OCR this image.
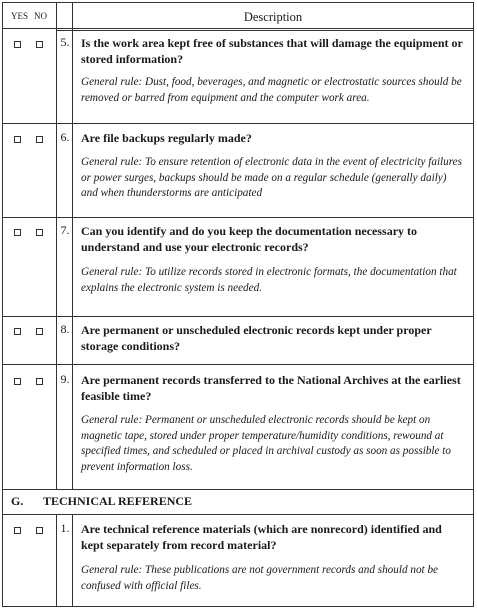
YES NO	Description
5. Is the work area kept free of substances that will damage the equipment or stored information?
General rule: Dust, food, beverages, and magnetic or electrostatic sources should be removed or barred from equipment and the computer work area.
6. Are file backups regularly made?
General rule: To ensure retention of electronic data in the event of electricity failures or power surges, backups should be made on a regular schedule (generally daily) and when thunderstorms are anticipated
7. Can you identify and do you keep the documentation necessary to understand and use your electronic records?
General rule: To utilize records stored in electronic formats, the documentation that explains the electronic system is needed.
8. Are permanent or unscheduled electronic records kept under proper storage conditions?
9. Are permanent records transferred to the National Archives at the earliest feasible time?
General rule: Permanent or unscheduled electronic records should be kept on magnetic tape, stored under proper temperature/humidity conditions, rewound at specified times, and scheduled or placed in archival custody as soon as possible to prevent information loss.
G. TECHNICAL REFERENCE
1. Are technical reference materials (which are nonrecord) identified and kept separately from record material?
General rule: These publications are not government records and should not be confused with official files.
